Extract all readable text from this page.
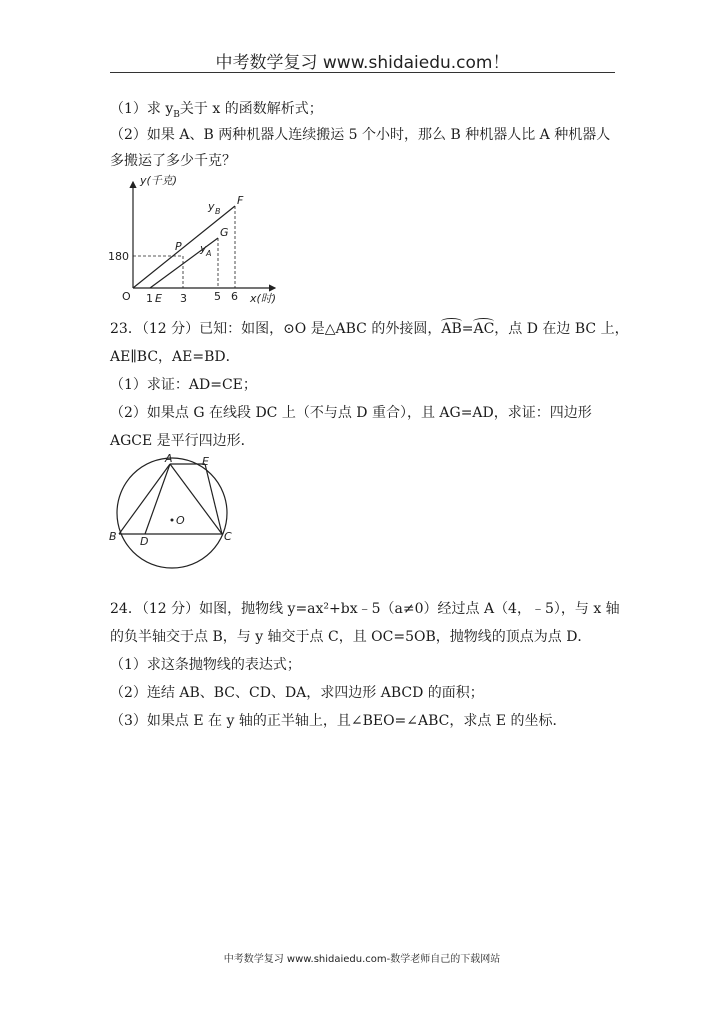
中考数学复习 www.shidaiedu.com！
（1）求 $y_B$关于 x 的函数解析式；
（2）如果 A、B 两种机器人连续搬运 5 个小时，那么 B 种机器人比 A 种机器人
多搬运了多少千克？
y(千克)
x(时)
O
180
1 E 3 5 6
P
G
F
y B
y A
23．（12 分）已知：如图，⊙O 是△ABC 的外接圆，AB=AC，点 D 在边 BC 上，
AE∥BC，AE=BD．
（1）求证：AD=CE；
（2）如果点 G 在线段 DC 上（不与点 D 重合），且 AG=AD，求证：四边形
AGCE 是平行四边形．
A	E
B	C
D
O
24．（12 分）如图，抛物线 y=ax²+bx﹣5（a≠0）经过点 A（4，﹣5），与 x 轴
的负半轴交于点 B，与 y 轴交于点 C，且 OC=5OB，抛物线的顶点为点 D．
（1）求这条抛物线的表达式；
（2）连结 AB、BC、CD、DA，求四边形 ABCD 的面积；
（3）如果点 E 在 y 轴的正半轴上，且∠BEO=∠ABC，求点 E 的坐标．
中考数学复习 www.shidaiedu.com-数学老师自己的下载网站
